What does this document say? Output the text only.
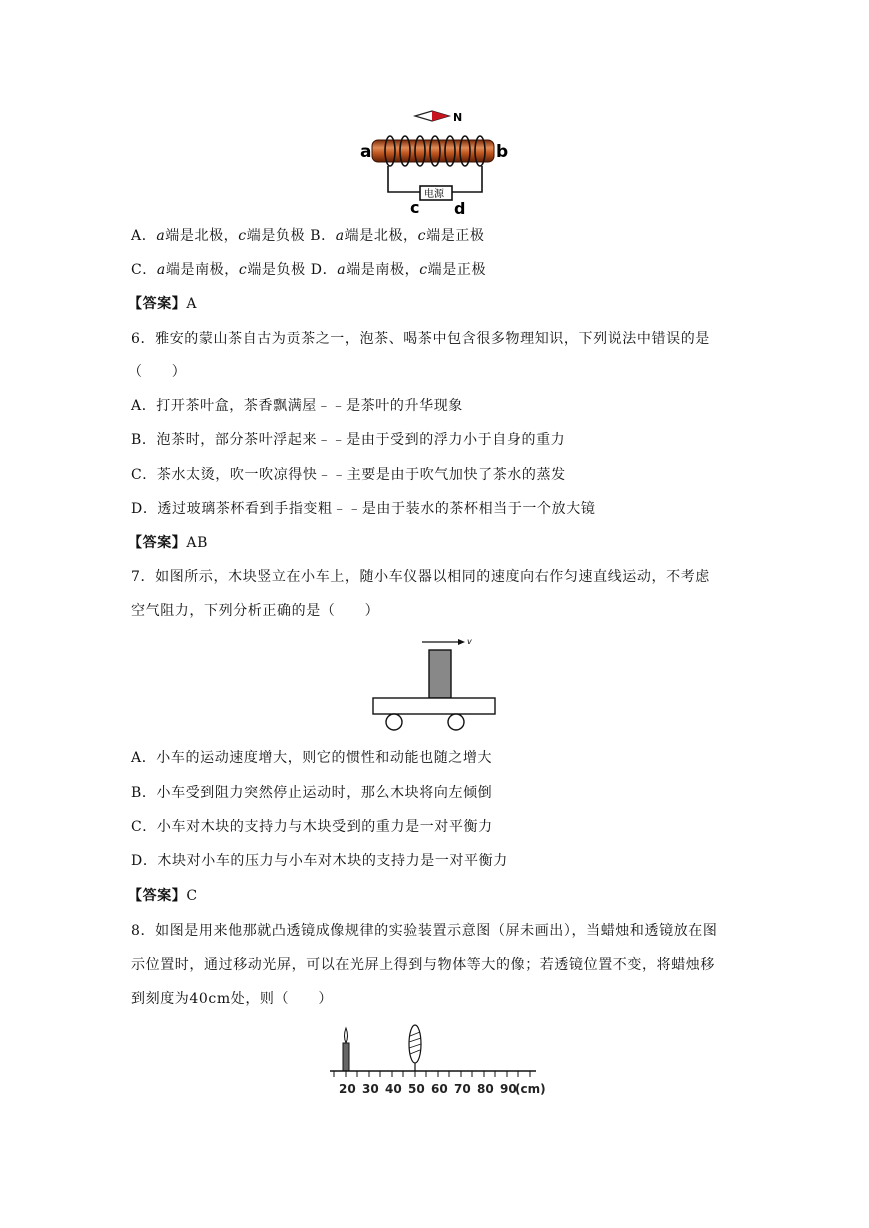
N
a	b
电源
c d
A．a端是北极，c端是负极 B．a端是北极，c端是正极
C．a端是南极，c端是负极 D．a端是南极，c端是正极
【答案】A
6．雅安的蒙山茶自古为贡茶之一，泡茶、喝茶中包含很多物理知识，下列说法中错误的是
（　　）
A．打开茶叶盒，茶香飘满屋﹣﹣是茶叶的升华现象
B．泡茶时，部分茶叶浮起来﹣﹣是由于受到的浮力小于自身的重力
C．茶水太烫，吹一吹凉得快﹣﹣主要是由于吹气加快了茶水的蒸发
D．透过玻璃茶杯看到手指变粗﹣﹣是由于装水的茶杯相当于一个放大镜
【答案】AB
7．如图所示，木块竖立在小车上，随小车仪器以相同的速度向右作匀速直线运动，不考虑
空气阻力，下列分析正确的是（　　）
v
A．小车的运动速度增大，则它的惯性和动能也随之增大
B．小车受到阻力突然停止运动时，那么木块将向左倾倒
C．小车对木块的支持力与木块受到的重力是一对平衡力
D．木块对小车的压力与小车对木块的支持力是一对平衡力
【答案】C
8．如图是用来他那就凸透镜成像规律的实验装置示意图（屏未画出），当蜡烛和透镜放在图
示位置时，通过移动光屏，可以在光屏上得到与物体等大的像；若透镜位置不变，将蜡烛移
到刻度为40cm处，则（　　）
20 30 40 50 60 70 80 90
(cm)
